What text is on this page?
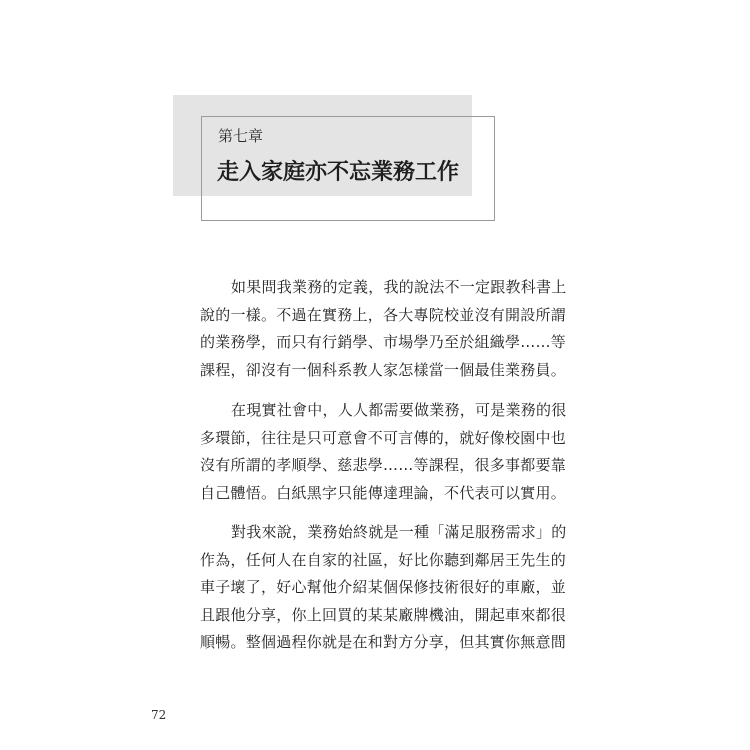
第七章
走入家庭亦不忘業務工作
如果問我業務的定義，我的說法不一定跟教科書上
說的一樣。不過在實務上，各大專院校並沒有開設所謂
的業務學，而只有行銷學、市場學乃至於組織學……等
課程，卻沒有一個科系教人家怎樣當一個最佳業務員。
在現實社會中，人人都需要做業務，可是業務的很
多環節，往往是只可意會不可言傳的，就好像校園中也
沒有所謂的孝順學、慈悲學……等課程，很多事都要靠
自己體悟。白紙黑字只能傳達理論，不代表可以實用。
對我來說，業務始終就是一種「滿足服務需求」的
作為，任何人在自家的社區，好比你聽到鄰居王先生的
車子壞了，好心幫他介紹某個保修技術很好的車廠，並
且跟他分享，你上回買的某某廠牌機油，開起車來都很
順暢。整個過程你就是在和對方分享，但其實你無意間
72
